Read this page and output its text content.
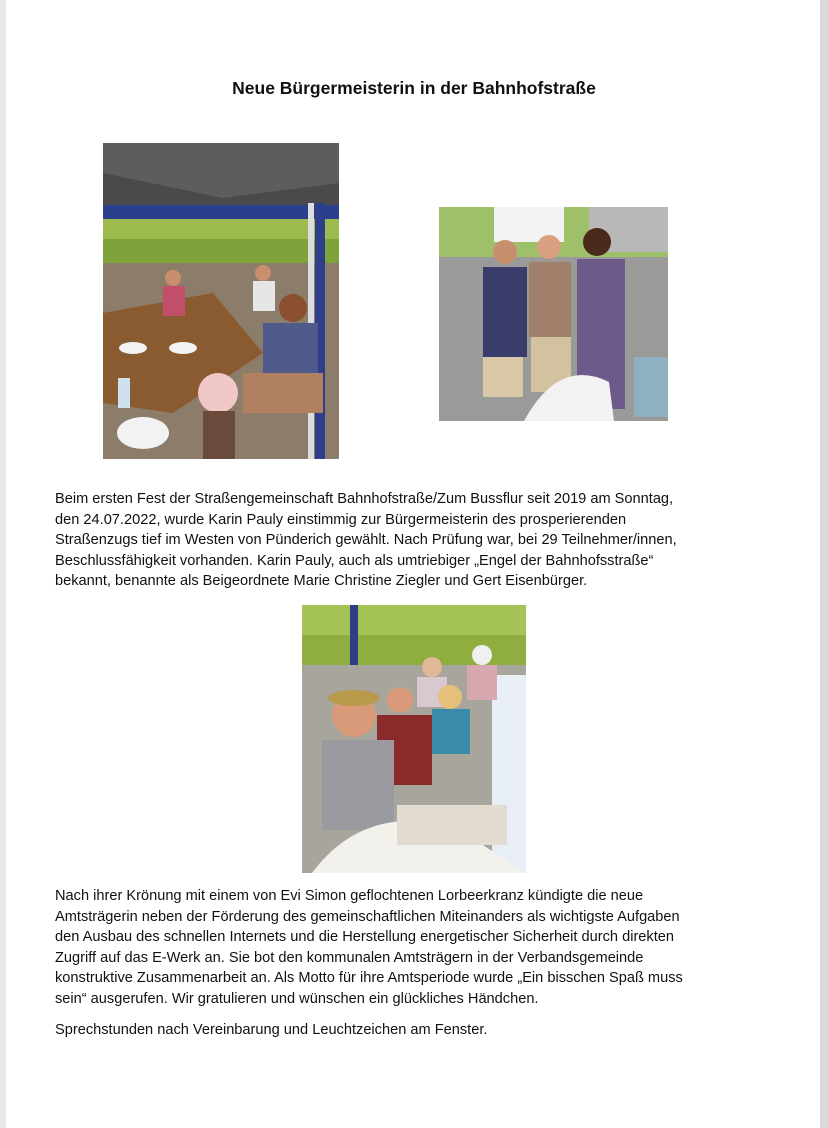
Neue Bürgermeisterin in der Bahnhofstraße
Beim ersten Fest der Straßengemeinschaft Bahnhofstraße/Zum Bussflur seit 2019 am Sonntag,
den 24.07.2022, wurde Karin Pauly einstimmig zur Bürgermeisterin des prosperierenden
Straßenzugs tief im Westen von Pünderich gewählt. Nach Prüfung war, bei 29 Teilnehmer/innen,
Beschlussfähigkeit vorhanden. Karin Pauly, auch als umtriebiger „Engel der Bahnhofsstraße“
bekannt, benannte als Beigeordnete Marie Christine Ziegler und Gert Eisenbürger.
Nach ihrer Krönung mit einem von Evi Simon geflochtenen Lorbeerkranz kündigte die neue
Amtsträgerin neben der Förderung des gemeinschaftlichen Miteinanders als wichtigste Aufgaben
den Ausbau des schnellen Internets und die Herstellung energetischer Sicherheit durch direkten
Zugriff auf das E-Werk an. Sie bot den kommunalen Amtsträgern in der Verbandsgemeinde
konstruktive Zusammenarbeit an. Als Motto für ihre Amtsperiode wurde „Ein bisschen Spaß muss
sein“ ausgerufen. Wir gratulieren und wünschen ein glückliches Händchen.
Sprechstunden nach Vereinbarung und Leuchtzeichen am Fenster.
